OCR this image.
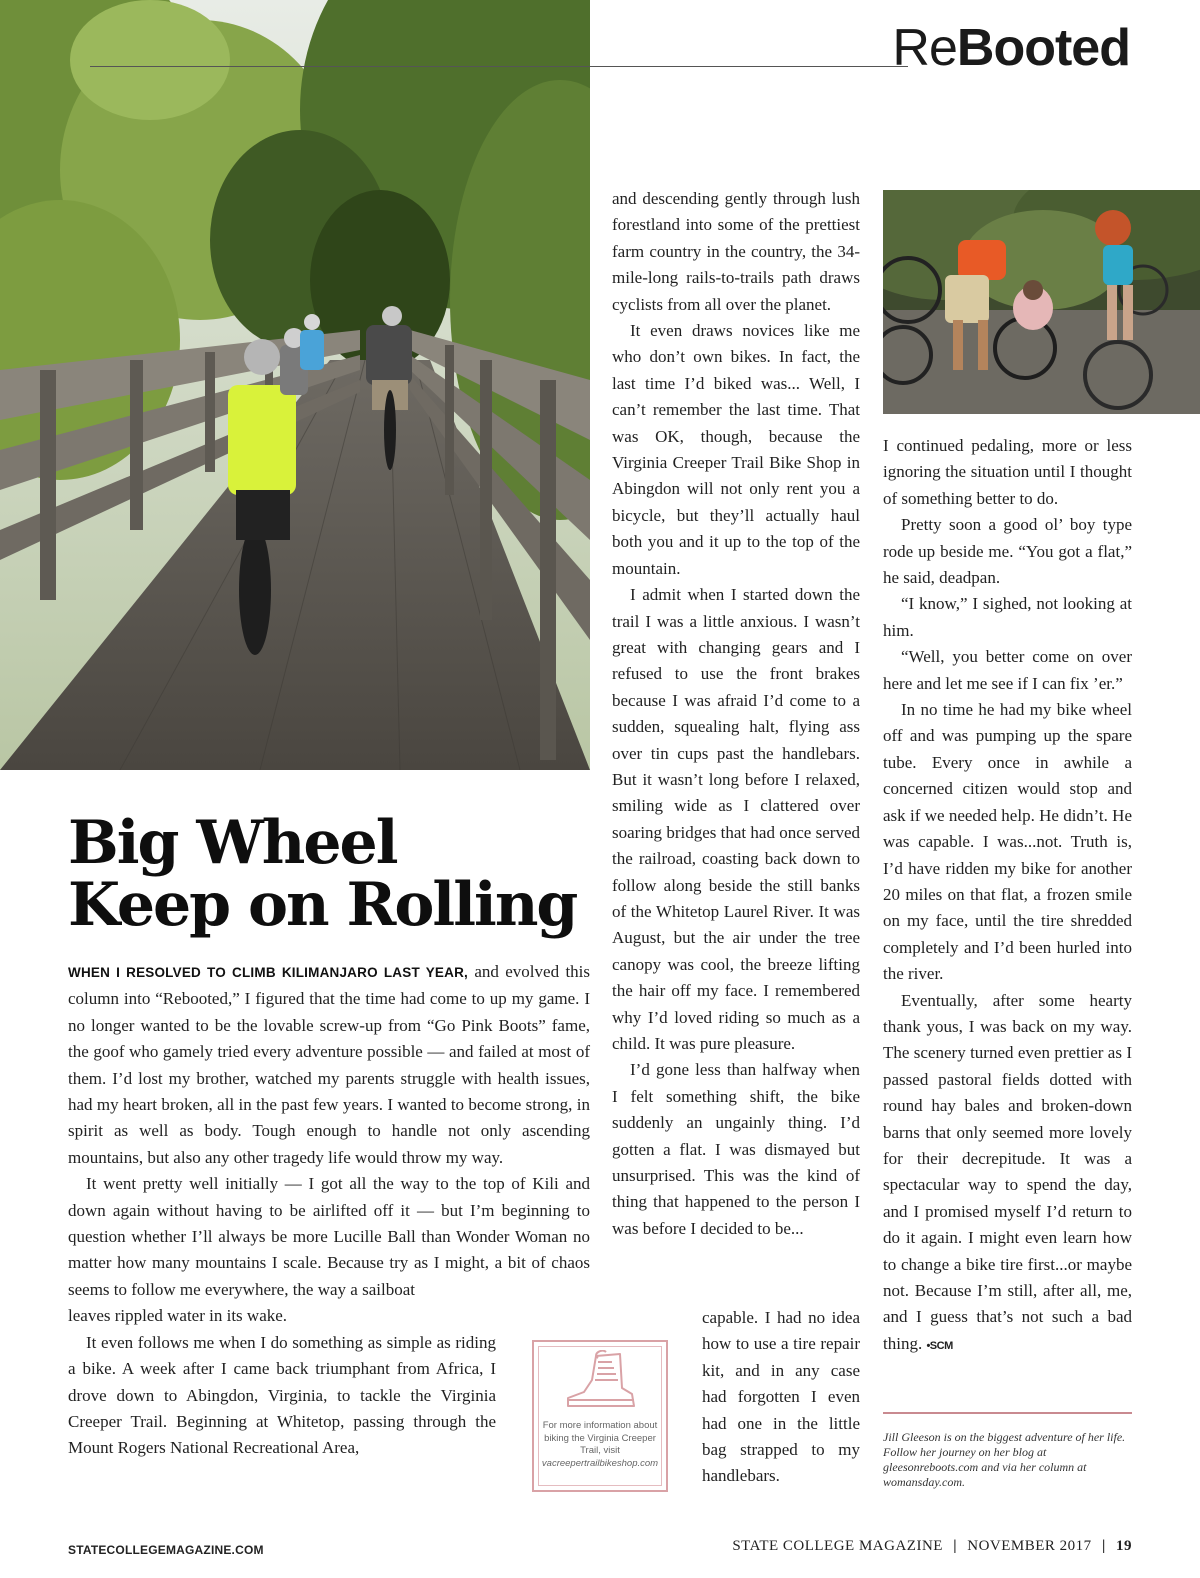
ReBooted
Big Wheel
Keep on Rolling

WHEN I RESOLVED TO CLIMB KILIMANJARO LAST YEAR, and evolved this column into “Rebooted,” I figured that the time had come to up my game. I no longer wanted to be the lovable screw-up from “Go Pink Boots” fame, the goof who gamely tried every adventure possible — and failed at most of them. I’d lost my brother, watched my parents struggle with health issues, had my heart broken, all in the past few years. I wanted to become strong, in spirit as well as body. Tough enough to handle not only ascending mountains, but also any other tragedy life would throw my way.

It went pretty well initially — I got all the way to the top of Kili and down again without having to be airlifted off it — but I’m beginning to question whether I’ll always be more Lucille Ball than Wonder Woman no matter how many mountains I scale. Because try as I might, a bit of chaos seems to follow me everywhere, the way a sailboat

leaves rippled water in its wake.

It even follows me when I do something as simple as riding a bike. A week after I came back triumphant from Africa, I drove down to Abingdon, Virginia, to tackle the Virginia Creeper Trail. Beginning at Whitetop, passing through the Mount Rogers National Recreational Area,

and descending gently through lush forestland into some of the prettiest farm country in the country, the 34-mile-long rails-to-trails path draws cyclists from all over the planet.

It even draws novices like me who don’t own bikes. In fact, the last time I’d biked was... Well, I can’t remember the last time. That was OK, though, because the Virginia Creeper Trail Bike Shop in Abingdon will not only rent you a bicycle, but they’ll actually haul both you and it up to the top of the mountain.

I admit when I started down the trail I was a little anxious. I wasn’t great with changing gears and I refused to use the front brakes because I was afraid I’d come to a sudden, squealing halt, flying ass over tin cups past the handlebars. But it wasn’t long before I relaxed, smiling wide as I clattered over soaring bridges that had once served the railroad, coasting back down to follow along beside the still banks of the Whitetop Laurel River. It was August, but the air under the tree canopy was cool, the breeze lifting the hair off my face. I remembered why I’d loved riding so much as a child. It was pure pleasure.

I’d gone less than halfway when I felt something shift, the bike suddenly an ungainly thing. I’d gotten a flat. I was dismayed but unsurprised. This was the kind of thing that happened to the person I was before I decided to be...

capable. I had no idea how to use a tire repair kit, and in any case had forgotten I even had one in the little bag strapped to my handlebars.

For more information about biking the Virginia Creeper Trail, visit
vacreepertrailbikeshop.com

I continued pedaling, more or less ignoring the situation until I thought of something better to do.

Pretty soon a good ol’ boy type rode up beside me. “You got a flat,” he said, deadpan.

“I know,” I sighed, not looking at him.

“Well, you better come on over here and let me see if I can fix ’er.”

In no time he had my bike wheel off and was pumping up the spare tube. Every once in awhile a concerned citizen would stop and ask if we needed help. He didn’t. He was capable. I was...not. Truth is, I’d have ridden my bike for another 20 miles on that flat, a frozen smile on my face, until the tire shredded completely and I’d been hurled into the river.

Eventually, after some hearty thank yous, I was back on my way. The scenery turned even prettier as I passed pastoral fields dotted with round hay bales and broken-down barns that only seemed more lovely for their decrepitude. It was a spectacular way to spend the day, and I promised myself I’d return to do it again. I might even learn how to change a bike tire first...or maybe not. Because I’m still, after all, me, and I guess that’s not such a bad thing. •SCM

Jill Gleeson is on the biggest adventure of her life. Follow her journey on her blog at gleesonreboots.com and via her column at womansday.com.

STATECOLLEGEMAGAZINE.COM	STATE COLLEGE MAGAZINE | NOVEMBER 2017 | 19
